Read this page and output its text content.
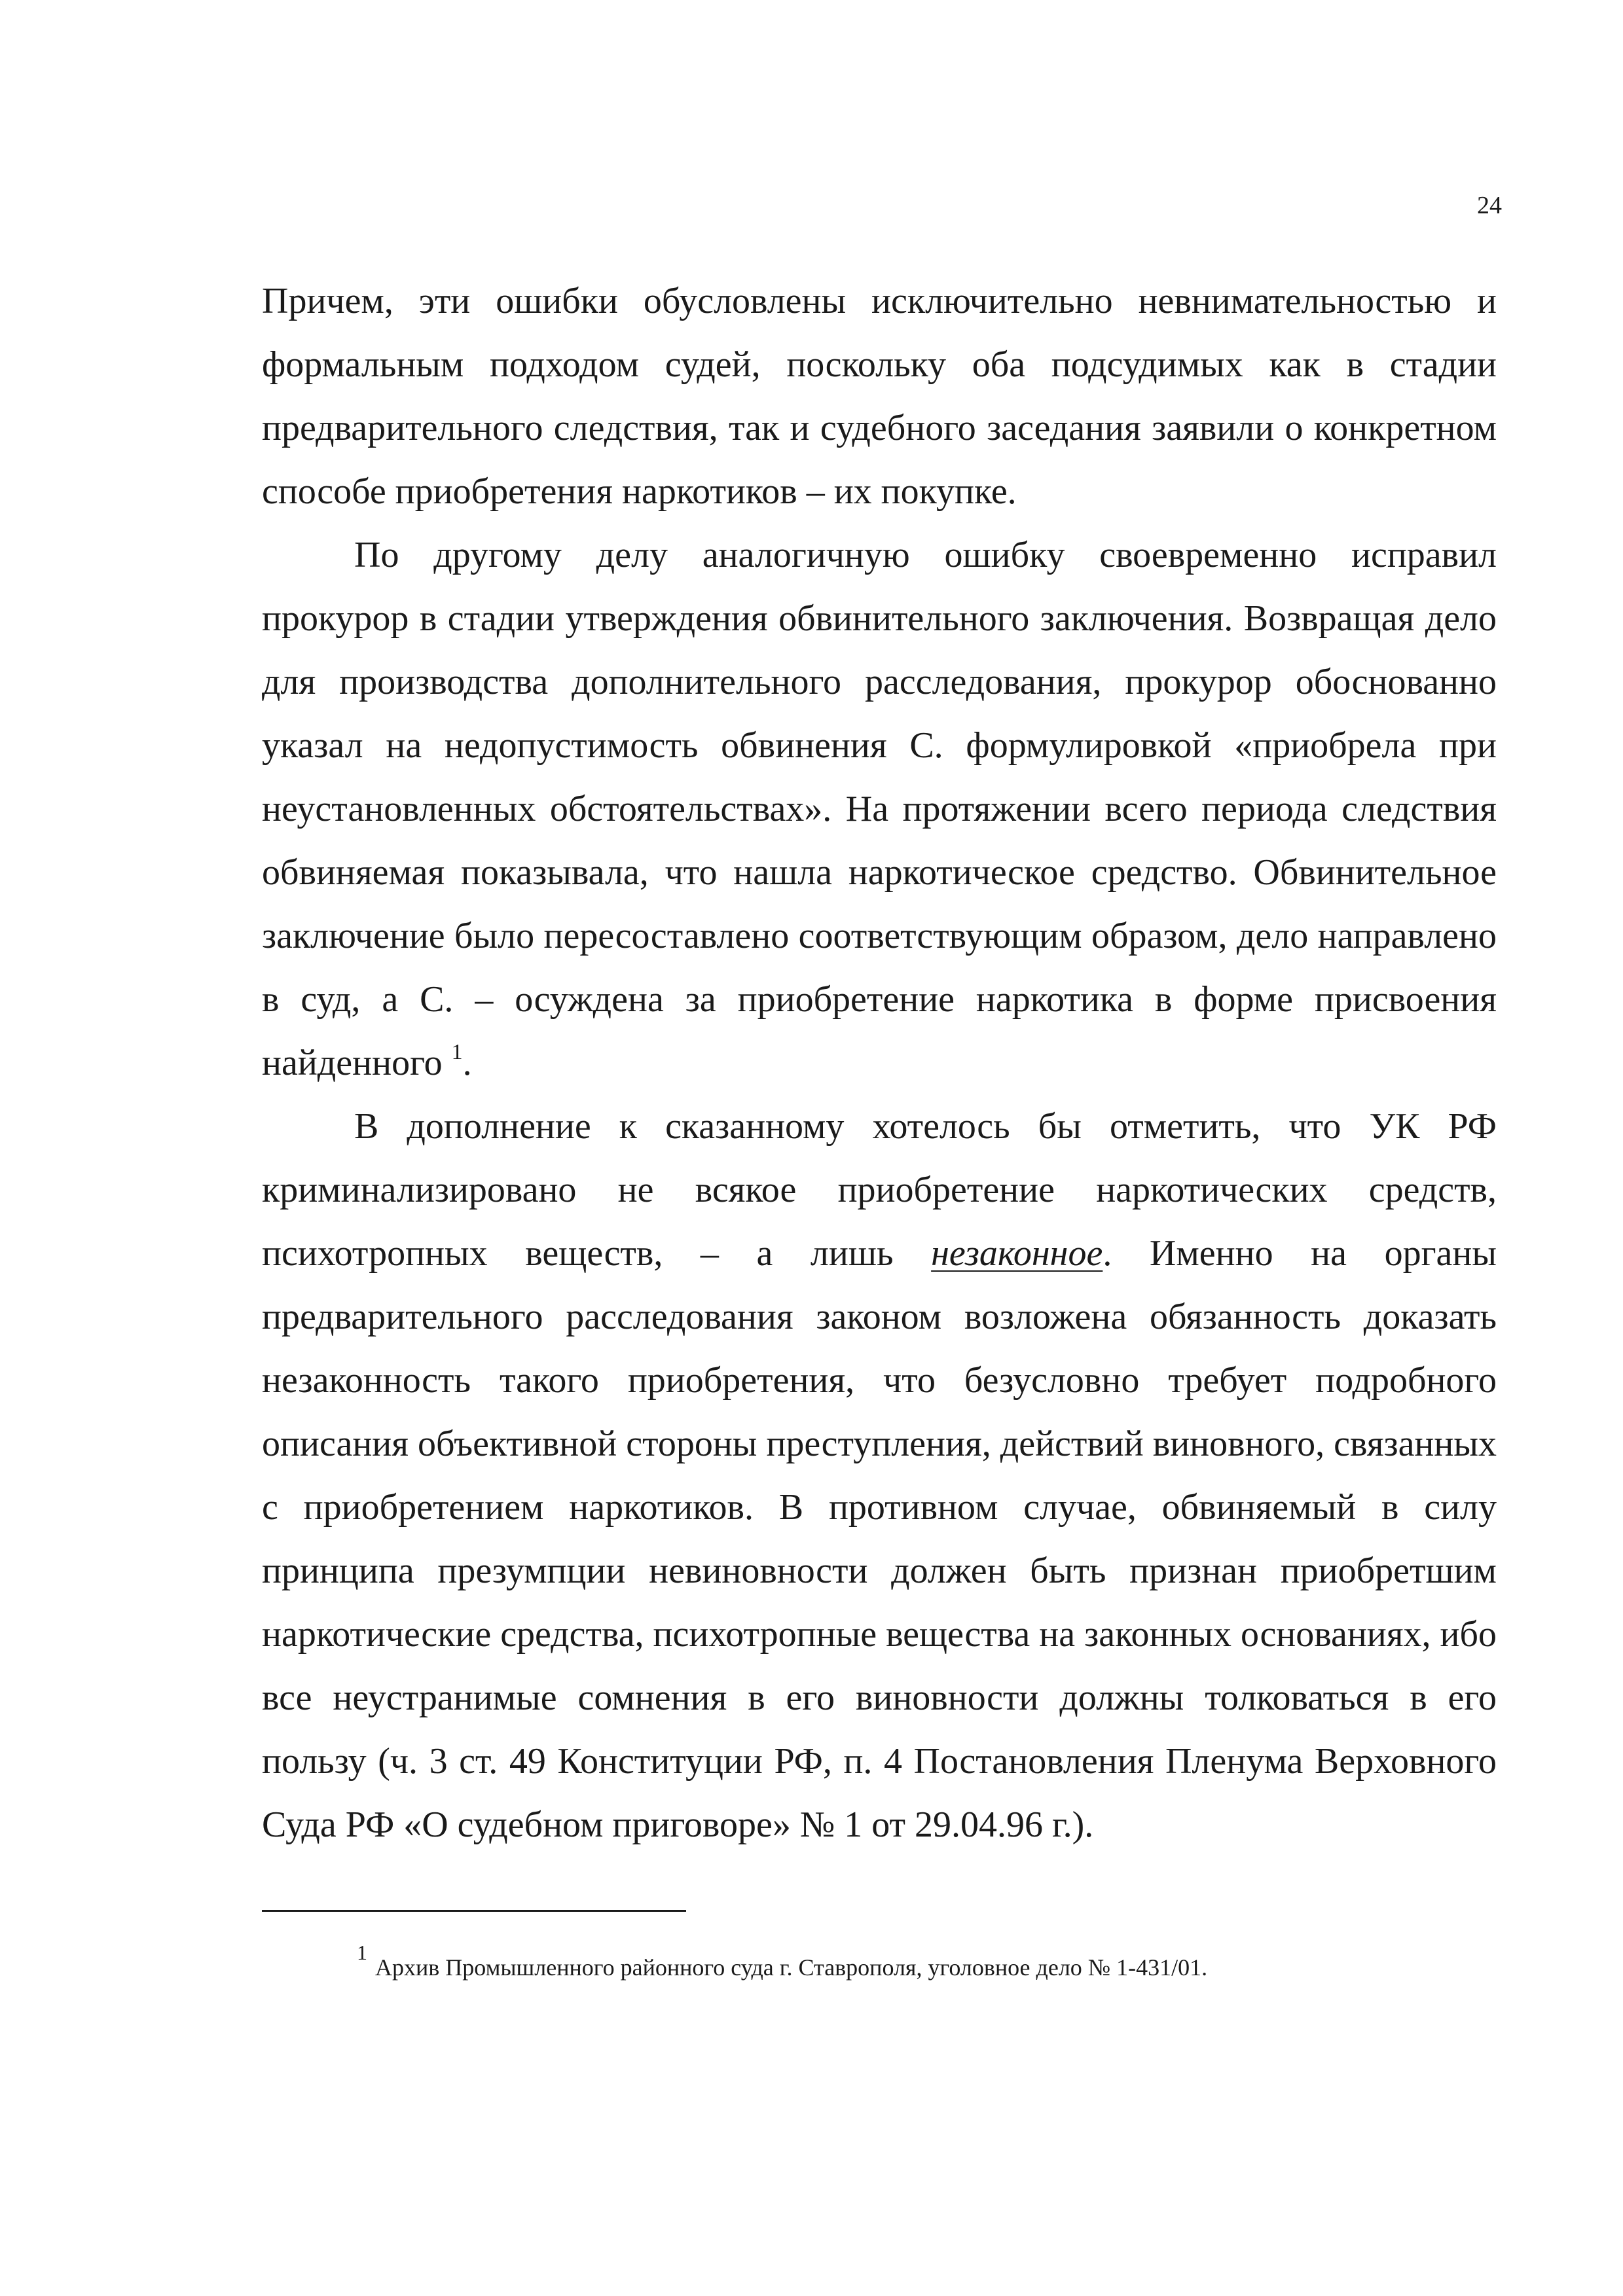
24

Причем, эти ошибки обусловлены исключительно невнимательностью и формальным подходом судей, поскольку оба подсудимых как в стадии предварительного следствия, так и судебного заседания заявили о конкретном способе приобретения наркотиков – их покупке.

По другому делу аналогичную ошибку своевременно исправил прокурор в стадии утверждения обвинительного заключения. Возвращая дело для производства дополнительного расследования, прокурор обоснованно указал на недопустимость обвинения С. формулировкой «приобрела при неустановленных обстоятельствах». На протяжении всего периода следствия обвиняемая показывала, что нашла наркотическое средство. Обвинительное заключение было пересоставлено соответствующим образом, дело направлено в суд, а С. – осуждена за приобретение наркотика в форме присвоения найденного $^1$.

В дополнение к сказанному хотелось бы отметить, что УК РФ криминализировано не всякое приобретение наркотических средств, психотропных веществ, – а лишь незаконное. Именно на органы предварительного расследования законом возложена обязанность доказать незаконность такого приобретения, что безусловно требует подробного описания объективной стороны преступления, действий виновного, связанных с приобретением наркотиков. В противном случае, обвиняемый в силу принципа презумпции невиновности должен быть признан приобретшим наркотические средства, психотропные вещества на законных основаниях, ибо все неустранимые сомнения в его виновности должны толковаться в его пользу (ч. 3 ст. 49 Конституции РФ, п. 4 Постановления Пленума Верховного Суда РФ «О судебном приговоре» № 1 от 29.04.96 г.).

1Архив Промышленного районного суда г. Ставрополя, уголовное дело № 1-431/01.
